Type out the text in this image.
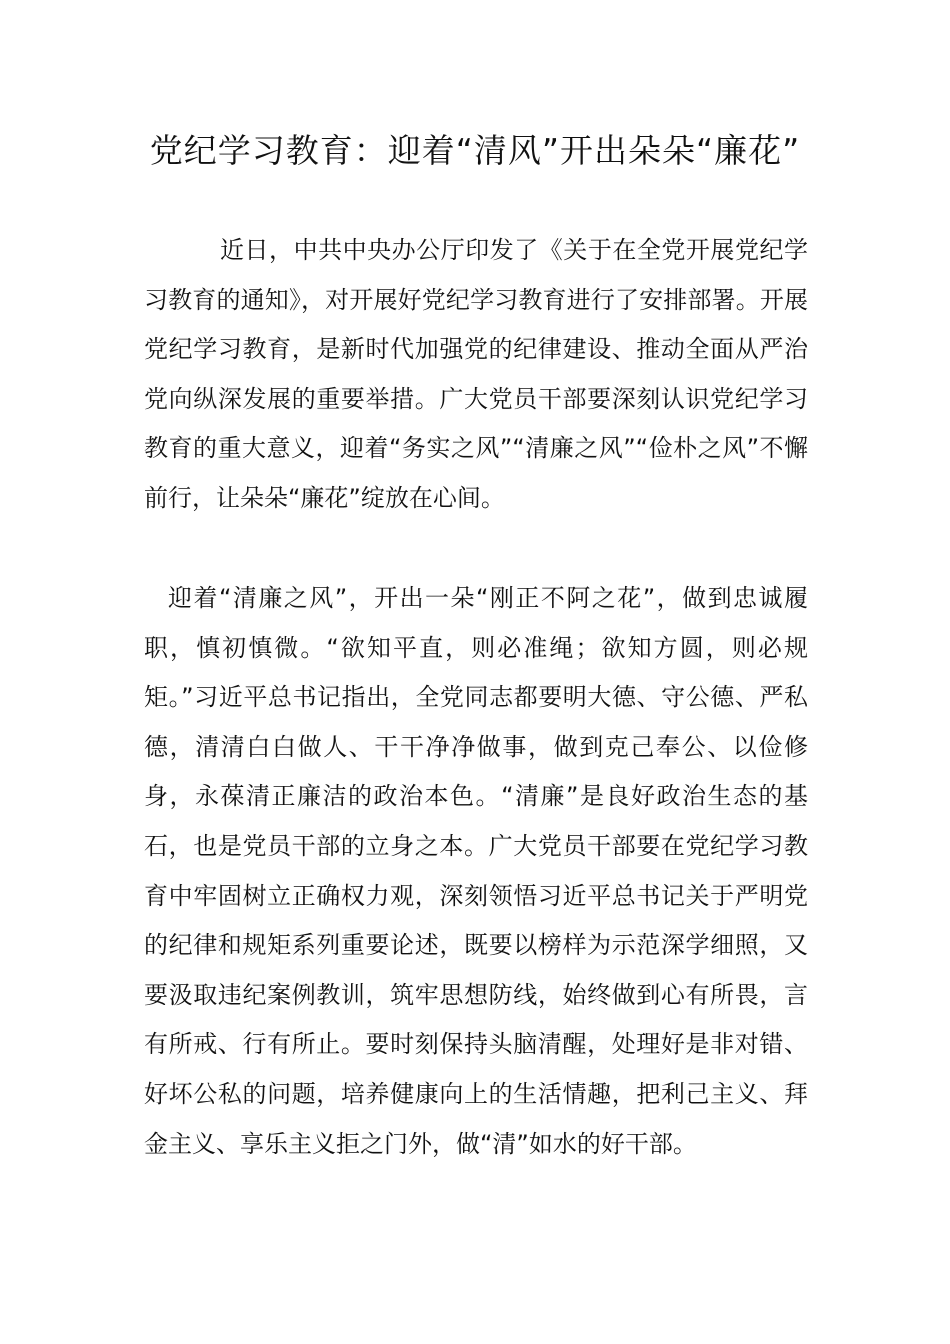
党纪学习教育：迎着“清风”开出朵朵“廉花”

近日，中共中央办公厅印发了《关于在全党开展党纪学习教育的通知》，对开展好党纪学习教育进行了安排部署。开展党纪学习教育，是新时代加强党的纪律建设、推动全面从严治党向纵深发展的重要举措。广大党员干部要深刻认识党纪学习教育的重大意义，迎着“务实之风”“清廉之风”“俭朴之风”不懈前行，让朵朵“廉花”绽放在心间。

迎着“清廉之风”，开出一朵“刚正不阿之花”，做到忠诚履职，慎初慎微。“欲知平直，则必准绳；欲知方圆，则必规矩。”习近平总书记指出，全党同志都要明大德、守公德、严私德，清清白白做人、干干净净做事，做到克己奉公、以俭修身，永葆清正廉洁的政治本色。“清廉”是良好政治生态的基石，也是党员干部的立身之本。广大党员干部要在党纪学习教育中牢固树立正确权力观，深刻领悟习近平总书记关于严明党的纪律和规矩系列重要论述，既要以榜样为示范深学细照，又要汲取违纪案例教训，筑牢思想防线，始终做到心有所畏，言有所戒、行有所止。要时刻保持头脑清醒，处理好是非对错、好坏公私的问题，培养健康向上的生活情趣，把利己主义、拜金主义、享乐主义拒之门外，做“清”如水的好干部。
